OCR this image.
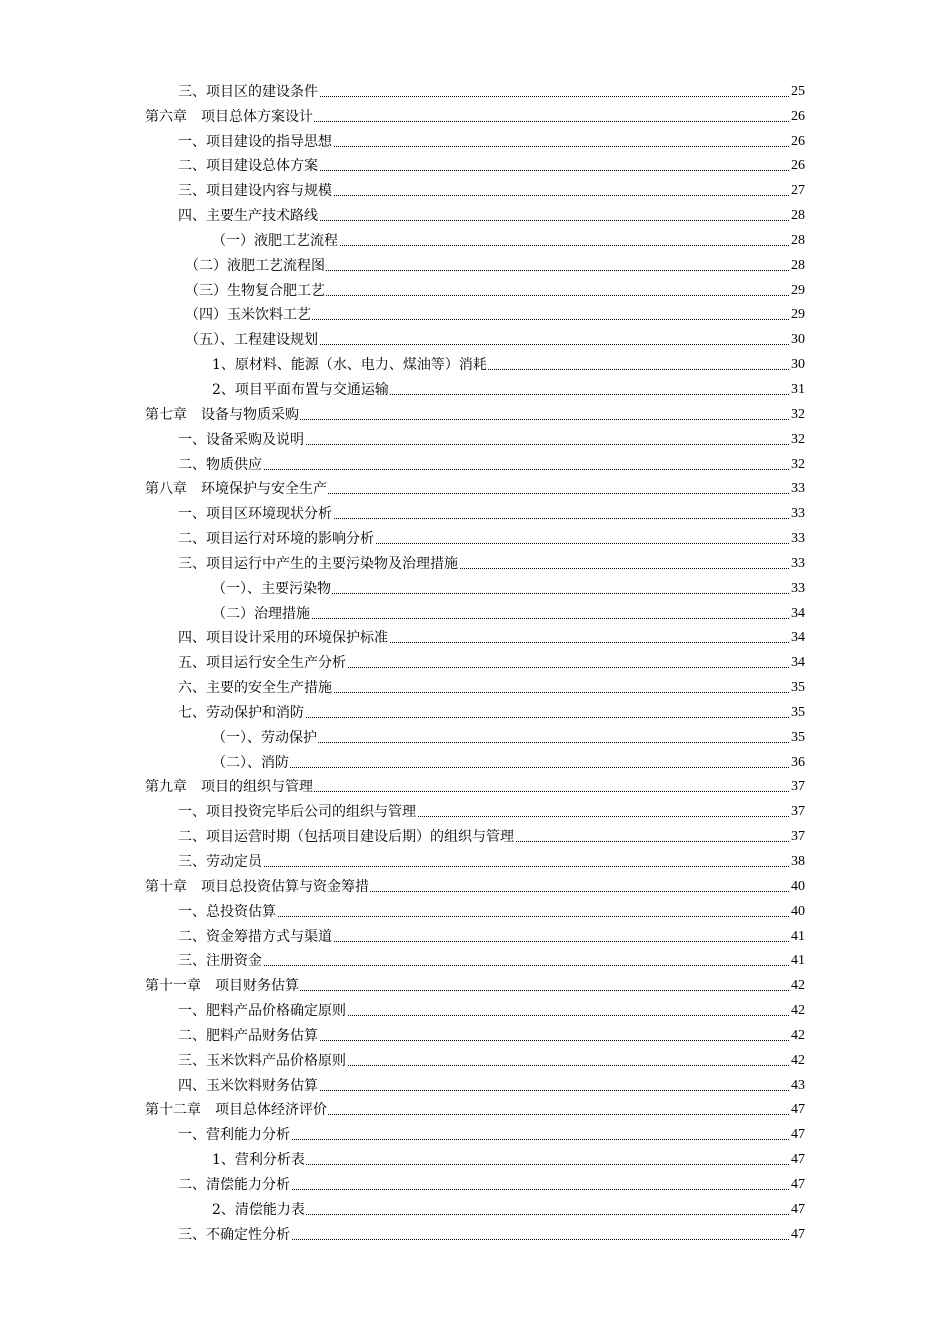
三、项目区的建设条件	25
第六章　项目总体方案设计	26
一、项目建设的指导思想	26
二、项目建设总体方案	26
三、项目建设内容与规模	27
四、主要生产技术路线	28
（一）液肥工艺流程	28
（二）液肥工艺流程图	28
（三）生物复合肥工艺	29
（四）玉米饮料工艺	29
（五）、工程建设规划	30
1、原材料、能源（水、电力、煤油等）消耗	30
2、项目平面布置与交通运输	31
第七章　设备与物质采购	32
一、设备采购及说明	32
二、物质供应	32
第八章　环境保护与安全生产	33
一、项目区环境现状分析	33
二、项目运行对环境的影响分析	33
三、项目运行中产生的主要污染物及治理措施	33
（一）、主要污染物	33
（二）治理措施	34
四、项目设计采用的环境保护标准	34
五、项目运行安全生产分析	34
六、主要的安全生产措施	35
七、劳动保护和消防	35
（一）、劳动保护	35
（二）、消防	36
第九章　项目的组织与管理	37
一、项目投资完毕后公司的组织与管理	37
二、项目运营时期（包括项目建设后期）的组织与管理	37
三、劳动定员	38
第十章　项目总投资估算与资金筹措	40
一、总投资估算	40
二、资金筹措方式与渠道	41
三、注册资金	41
第十一章　项目财务估算	42
一、肥料产品价格确定原则	42
二、肥料产品财务估算	42
三、玉米饮料产品价格原则	42
四、玉米饮料财务估算	43
第十二章　项目总体经济评价	47
一、营利能力分析	47
1、营利分析表	47
二、清偿能力分析	47
2、清偿能力表	47
三、不确定性分析	47
